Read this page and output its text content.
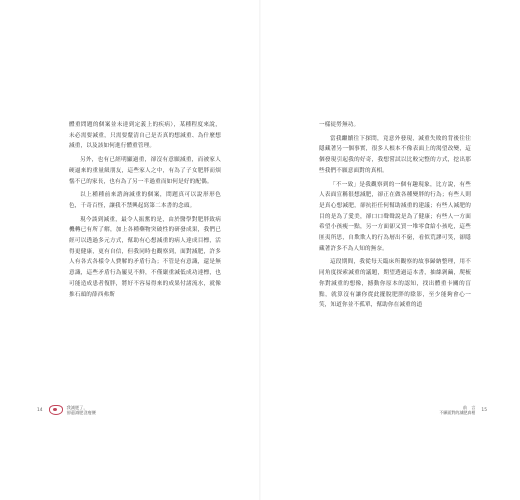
體重問題的個案並未達到定義上的疾病），某種程度來說，未必需要減重，只需要釐清自己是否真的想減重、為什麼想減重，以及該如何進行體重管理。

另外，也有已經明顯過重，卻沒有意願減重，而被家人硬逼來的重量級朋友，這些家人之中，有為了子女肥胖而煩惱不已的家長，也有為了另一半過重而如何是好的配偶。

以上種種前來諮詢減重的個案，問題真可以說形形色色，千奇百怪，讓我不禁興起寫第二本書的念頭。

現今談到減重，最令人振奮的是，由於醫學對肥胖致病機轉已有所了解，加上各種藥物突破性的研發成果，我們已經可以透過多元方式，幫助有心想減重的病人達成目標，活得更健康，更有自信，但我同時也觀察到，面對減肥，許多人有各式各樣令人費解的矛盾行為；不管是有意識，還是無意識，這些矛盾行為屢見不鮮，不僅嚴重減低成功達標，也可能造成患者復胖，將好不容易得來的成果付諸流水，就像推石頭的薛西弗斯

14
我減肥了，
卻還減肥沒瘦腰

一樣徒勞無功。

當我繼續往下探問，竟意外發現，減重失敗的背後往往隱藏著另一個事實，很多人根本不像表面上的渴望改變，這個發現引起我的好奇，我想嘗試以比較完整的方式，挖出那些我們不願意面對的真相。

「不一致」是我觀察到的一個有趣現象，比方說，有些人表面宣稱很想減肥，卻正在做各種變胖的行為；有些人則是真心想減肥，卻抗拒任何幫助減重的建議；有些人減肥的目的是為了愛美，卻口口聲聲說是為了健康；有些人一方面希望小孩瘦一點，另一方面卻又買一堆零食給小孩吃，這些匪夷所思，自欺欺人的行為層出不窮，看似荒謬可笑，卻隱藏著許多不為人知的無奈。

這段期間，我從每天臨床所觀察的故事歸納整理，用不同角度探索減重的議題，期望透過這本書，抽絲剝繭，爬梳你對減重的想像，撼動你原本的認知，找出體重卡關的盲點，就算沒有讓你從此擺脫肥胖的陰影，至少能夠會心一笑，知道你並不孤單，幫助你在減重的道

前　言
不願面對的減肥真相 15
